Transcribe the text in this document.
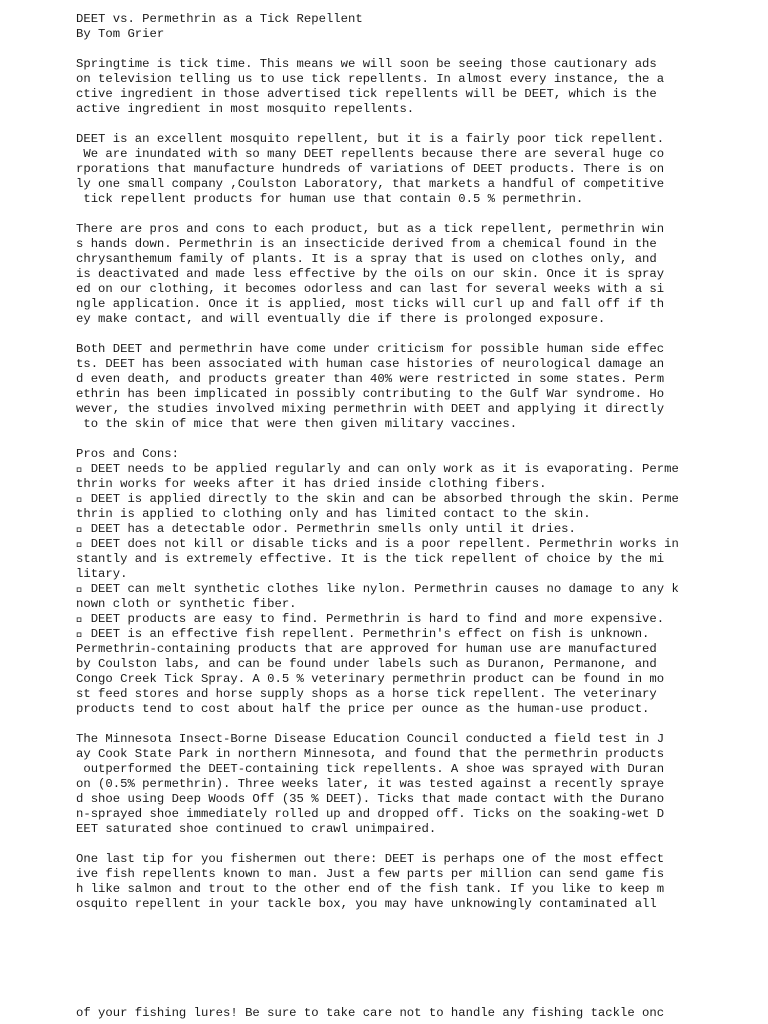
DEET vs. Permethrin as a Tick Repellent
By Tom Grier
Springtime is tick time. This means we will soon be seeing those cautionary ads
on television telling us to use tick repellents. In almost every instance, the a
ctive ingredient in those advertised tick repellents will be DEET, which is the
active ingredient in most mosquito repellents.
DEET is an excellent mosquito repellent, but it is a fairly poor tick repellent.
We are inundated with so many DEET repellents because there are several huge co
rporations that manufacture hundreds of variations of DEET products. There is on
ly one small company ,Coulston Laboratory, that markets a handful of competitive
tick repellent products for human use that contain 0.5 % permethrin.
There are pros and cons to each product, but as a tick repellent, permethrin win
s hands down. Permethrin is an insecticide derived from a chemical found in the
chrysanthemum family of plants. It is a spray that is used on clothes only, and
is deactivated and made less effective by the oils on our skin. Once it is spray
ed on our clothing, it becomes odorless and can last for several weeks with a si
ngle application. Once it is applied, most ticks will curl up and fall off if th
ey make contact, and will eventually die if there is prolonged exposure.
Both DEET and permethrin have come under criticism for possible human side effec
ts. DEET has been associated with human case histories of neurological damage an
d even death, and products greater than 40% were restricted in some states. Perm
ethrin has been implicated in possibly contributing to the Gulf War syndrome. Ho
wever, the studies involved mixing permethrin with DEET and applying it directly
to the skin of mice that were then given military vaccines.
Pros and Cons:
DEET needs to be applied regularly and can only work as it is evaporating. Perme
thrin works for weeks after it has dried inside clothing fibers.
DEET is applied directly to the skin and can be absorbed through the skin. Perme
thrin is applied to clothing only and has limited contact to the skin.
DEET has a detectable odor. Permethrin smells only until it dries.
DEET does not kill or disable ticks and is a poor repellent. Permethrin works in
stantly and is extremely effective. It is the tick repellent of choice by the mi
litary.
DEET can melt synthetic clothes like nylon. Permethrin causes no damage to any k
nown cloth or synthetic fiber.
DEET products are easy to find. Permethrin is hard to find and more expensive.
DEET is an effective fish repellent. Permethrin's effect on fish is unknown.
Permethrin-containing products that are approved for human use are manufactured
by Coulston labs, and can be found under labels such as Duranon, Permanone, and
Congo Creek Tick Spray. A 0.5 % veterinary permethrin product can be found in mo
st feed stores and horse supply shops as a horse tick repellent. The veterinary
products tend to cost about half the price per ounce as the human-use product.
The Minnesota Insect-Borne Disease Education Council conducted a field test in J
ay Cook State Park in northern Minnesota, and found that the permethrin products
outperformed the DEET-containing tick repellents. A shoe was sprayed with Duran
on (0.5% permethrin). Three weeks later, it was tested against a recently spraye
d shoe using Deep Woods Off (35 % DEET). Ticks that made contact with the Durano
n-sprayed shoe immediately rolled up and dropped off. Ticks on the soaking-wet D
EET saturated shoe continued to crawl unimpaired.
One last tip for you fishermen out there: DEET is perhaps one of the most effect
ive fish repellents known to man. Just a few parts per million can send game fis
h like salmon and trout to the other end of the fish tank. If you like to keep m
osquito repellent in your tackle box, you may have unknowingly contaminated all
of your fishing lures! Be sure to take care not to handle any fishing tackle onc
